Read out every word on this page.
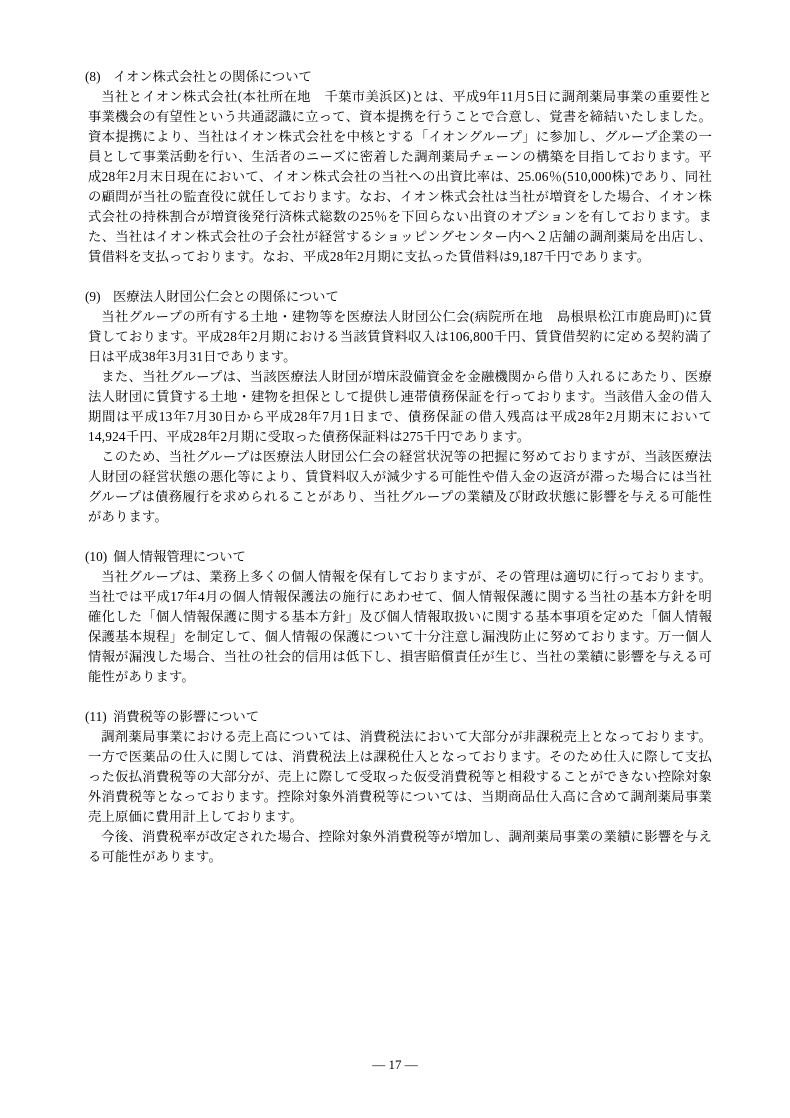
(8) イオン株式会社との関係について

当社とイオン株式会社(本社所在地　千葉市美浜区)とは、平成9年11月5日に調剤薬局事業の重要性と事業機会の有望性という共通認識に立って、資本提携を行うことで合意し、覚書を締結いたしました。資本提携により、当社はイオン株式会社を中核とする「イオングループ」に参加し、グループ企業の一員として事業活動を行い、生活者のニーズに密着した調剤薬局チェーンの構築を目指しております。平成28年2月末日現在において、イオン株式会社の当社への出資比率は、25.06％(510,000株)であり、同社の顧問が当社の監査役に就任しております。なお、イオン株式会社は当社が増資をした場合、イオン株式会社の持株割合が増資後発行済株式総数の25％を下回らない出資のオプションを有しております。また、当社はイオン株式会社の子会社が経営するショッピングセンター内へ２店舗の調剤薬局を出店し、賃借料を支払っております。なお、平成28年2月期に支払った賃借料は9,187千円であります。

(9) 医療法人財団公仁会との関係について

当社グループの所有する土地・建物等を医療法人財団公仁会(病院所在地　島根県松江市鹿島町)に賃貸しております。平成28年2月期における当該賃貸料収入は106,800千円、賃貸借契約に定める契約満了日は平成38年3月31日であります。

また、当社グループは、当該医療法人財団が増床設備資金を金融機関から借り入れるにあたり、医療法人財団に賃貸する土地・建物を担保として提供し連帯債務保証を行っております。当該借入金の借入期間は平成13年7月30日から平成28年7月1日まで、債務保証の借入残高は平成28年2月期末において14,924千円、平成28年2月期に受取った債務保証料は275千円であります。

このため、当社グループは医療法人財団公仁会の経営状況等の把握に努めておりますが、当該医療法人財団の経営状態の悪化等により、賃貸料収入が減少する可能性や借入金の返済が滞った場合には当社グループは債務履行を求められることがあり、当社グループの業績及び財政状態に影響を与える可能性があります。

(10) 個人情報管理について

当社グループは、業務上多くの個人情報を保有しておりますが、その管理は適切に行っております。当社では平成17年4月の個人情報保護法の施行にあわせて、個人情報保護に関する当社の基本方針を明確化した「個人情報保護に関する基本方針」及び個人情報取扱いに関する基本事項を定めた「個人情報保護基本規程」を制定して、個人情報の保護について十分注意し漏洩防止に努めております。万一個人情報が漏洩した場合、当社の社会的信用は低下し、損害賠償責任が生じ、当社の業績に影響を与える可能性があります。

(11) 消費税等の影響について

調剤薬局事業における売上高については、消費税法において大部分が非課税売上となっております。一方で医薬品の仕入に関しては、消費税法上は課税仕入となっております。そのため仕入に際して支払った仮払消費税等の大部分が、売上に際して受取った仮受消費税等と相殺することができない控除対象外消費税等となっております。控除対象外消費税等については、当期商品仕入高に含めて調剤薬局事業売上原価に費用計上しております。

今後、消費税率が改定された場合、控除対象外消費税等が増加し、調剤薬局事業の業績に影響を与える可能性があります。

― 17 ―
